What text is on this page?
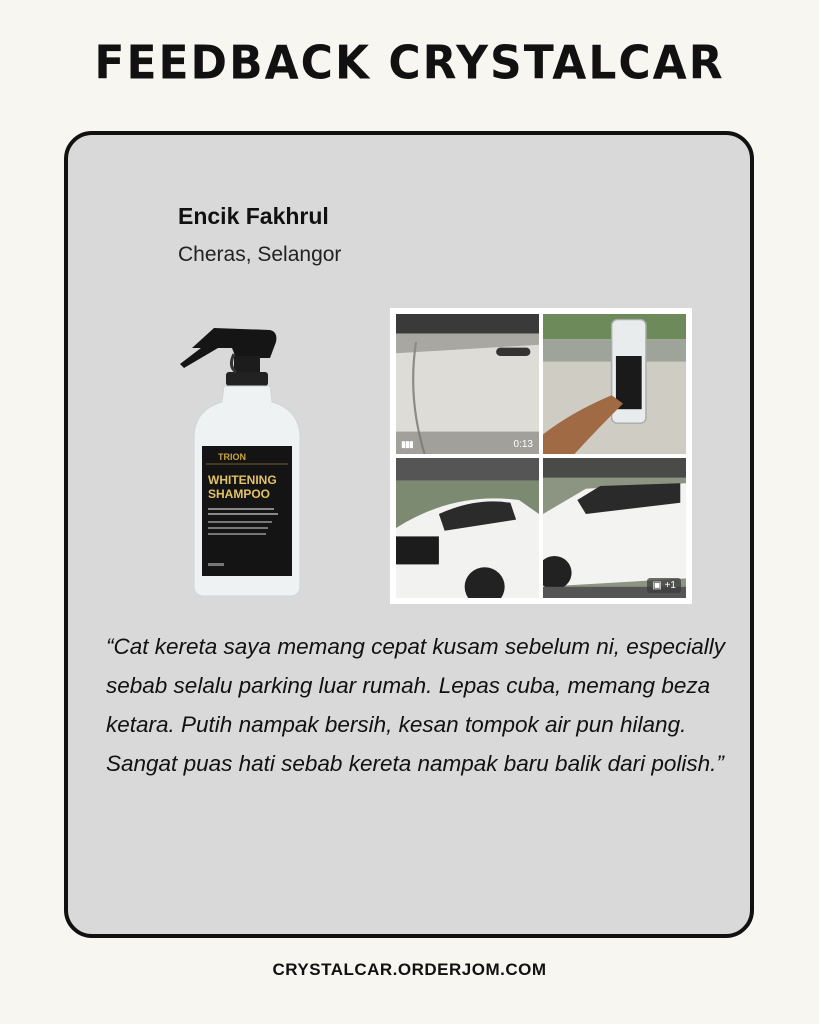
FEEDBACK CRYSTALCAR
Encik Fakhrul
Cheras, Selangor
TRION
WHITENING
SHAMPOO
▮▮▮	0:13
▣ +1
“Cat kereta saya memang cepat kusam sebelum ni, especially sebab selalu parking luar rumah. Lepas cuba, memang beza ketara. Putih nampak bersih, kesan tompok air pun hilang. Sangat puas hati sebab kereta nampak baru balik dari polish.”
CRYSTALCAR.ORDERJOM.COM
